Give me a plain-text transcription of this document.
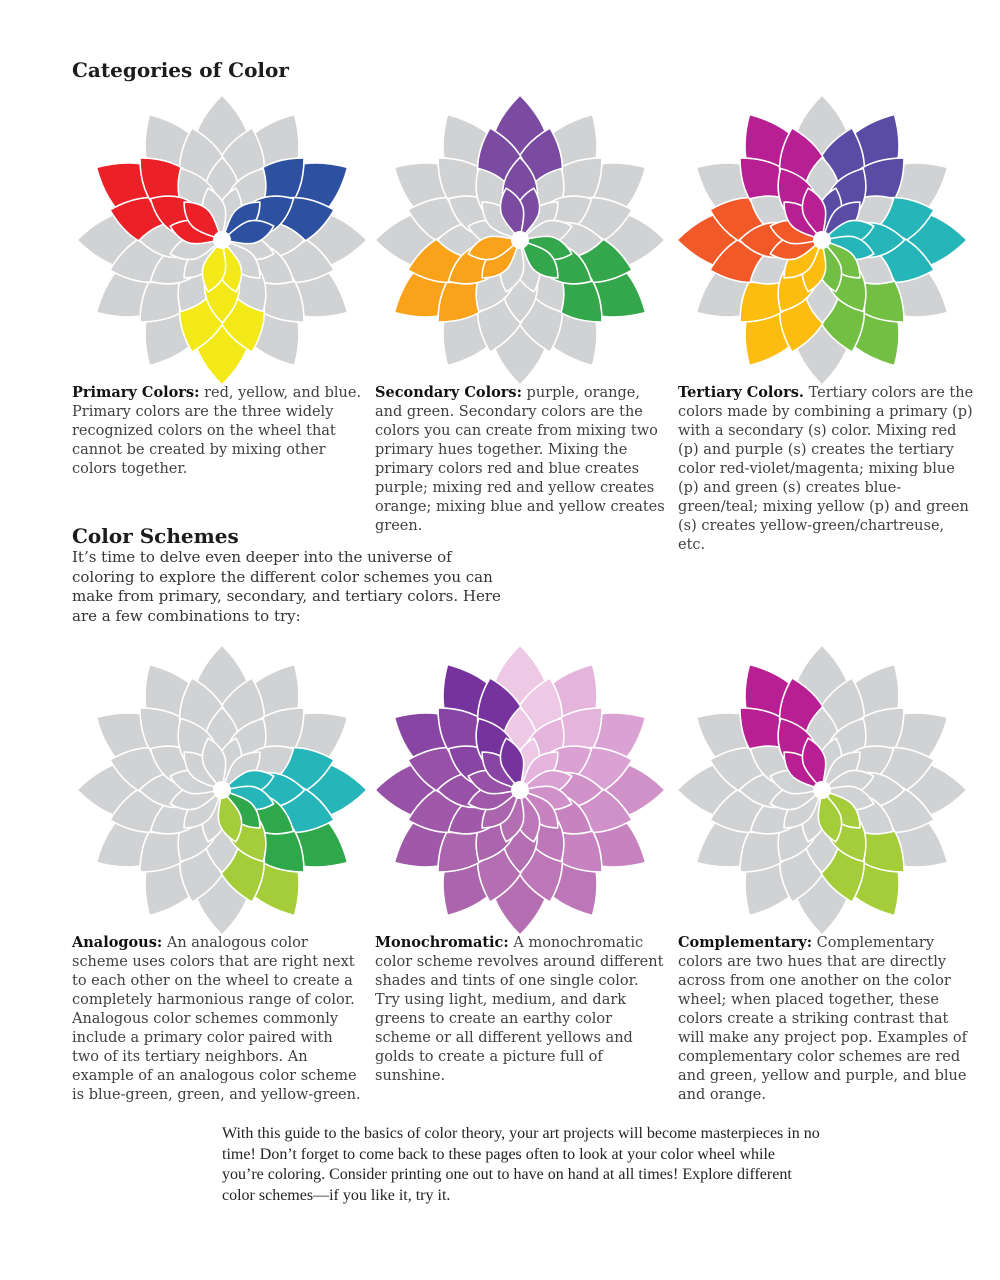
Categories of Color

Primary Colors: red, yellow, and blue. Primary colors are the three widely recognized colors on the wheel that cannot be created by mixing other colors together.

Secondary Colors: purple, orange, and green. Secondary colors are the colors you can create from mixing two primary hues together. Mixing the primary colors red and blue creates purple; mixing red and yellow creates orange; mixing blue and yellow creates green.

Tertiary Colors. Tertiary colors are the colors made by combining a primary (p) with a secondary (s) color. Mixing red (p) and purple (s) creates the tertiary color red-violet/magenta; mixing blue (p) and green (s) creates blue-green/teal; mixing yellow (p) and green (s) creates yellow-green/chartreuse, etc.

Color Schemes

It’s time to delve even deeper into the universe of coloring to explore the different color schemes you can make from primary, secondary, and tertiary colors. Here are a few combinations to try:

Analogous: An analogous color scheme uses colors that are right next to each other on the wheel to create a completely harmonious range of color. Analogous color schemes commonly include a primary color paired with two of its tertiary neighbors. An example of an analogous color scheme is blue-green, green, and yellow-green.

Monochromatic: A monochromatic color scheme revolves around different shades and tints of one single color. Try using light, medium, and dark greens to create an earthy color scheme or all different yellows and golds to create a picture full of sunshine.

Complementary: Complementary colors are two hues that are directly across from one another on the color wheel; when placed together, these colors create a striking contrast that will make any project pop. Examples of complementary color schemes are red and green, yellow and purple, and blue and orange.

With this guide to the basics of color theory, your art projects will become masterpieces in no time! Don’t forget to come back to these pages often to look at your color wheel while you’re coloring. Consider printing one out to have on hand at all times! Explore different color schemes—if you like it, try it.
